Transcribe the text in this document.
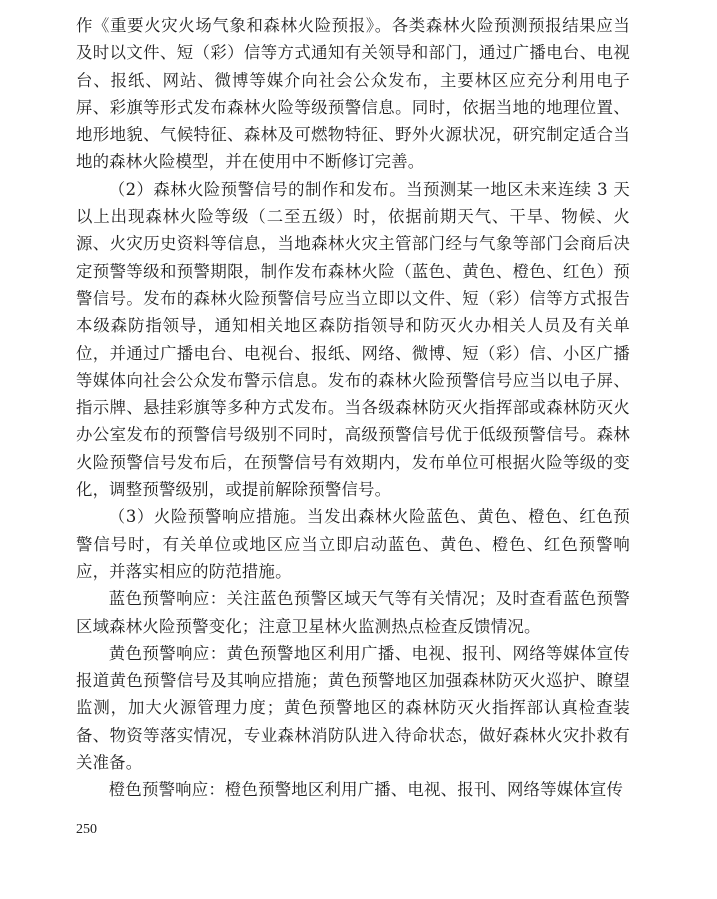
作《重要火灾火场气象和森林火险预报》。各类森林火险预测预报结果应当及时以文件、短（彩）信等方式通知有关领导和部门，通过广播电台、电视台、报纸、网站、微博等媒介向社会公众发布，主要林区应充分利用电子屏、彩旗等形式发布森林火险等级预警信息。同时，依据当地的地理位置、地形地貌、气候特征、森林及可燃物特征、野外火源状况，研究制定适合当地的森林火险模型，并在使用中不断修订完善。

（2）森林火险预警信号的制作和发布。当预测某一地区未来连续 3 天以上出现森林火险等级（二至五级）时，依据前期天气、干旱、物候、火源、火灾历史资料等信息，当地森林火灾主管部门经与气象等部门会商后决定预警等级和预警期限，制作发布森林火险（蓝色、黄色、橙色、红色）预警信号。发布的森林火险预警信号应当立即以文件、短（彩）信等方式报告本级森防指领导，通知相关地区森防指领导和防灭火办相关人员及有关单位，并通过广播电台、电视台、报纸、网络、微博、短（彩）信、小区广播等媒体向社会公众发布警示信息。发布的森林火险预警信号应当以电子屏、指示牌、悬挂彩旗等多种方式发布。当各级森林防灭火指挥部或森林防灭火办公室发布的预警信号级别不同时，高级预警信号优于低级预警信号。森林火险预警信号发布后，在预警信号有效期内，发布单位可根据火险等级的变化，调整预警级别，或提前解除预警信号。

（3）火险预警响应措施。当发出森林火险蓝色、黄色、橙色、红色预警信号时，有关单位或地区应当立即启动蓝色、黄色、橙色、红色预警响应，并落实相应的防范措施。

蓝色预警响应：关注蓝色预警区域天气等有关情况；及时查看蓝色预警区域森林火险预警变化；注意卫星林火监测热点检查反馈情况。

黄色预警响应：黄色预警地区利用广播、电视、报刊、网络等媒体宣传报道黄色预警信号及其响应措施；黄色预警地区加强森林防灭火巡护、瞭望监测，加大火源管理力度；黄色预警地区的森林防灭火指挥部认真检查装备、物资等落实情况，专业森林消防队进入待命状态，做好森林火灾扑救有关准备。

橙色预警响应：橙色预警地区利用广播、电视、报刊、网络等媒体宣传

250
